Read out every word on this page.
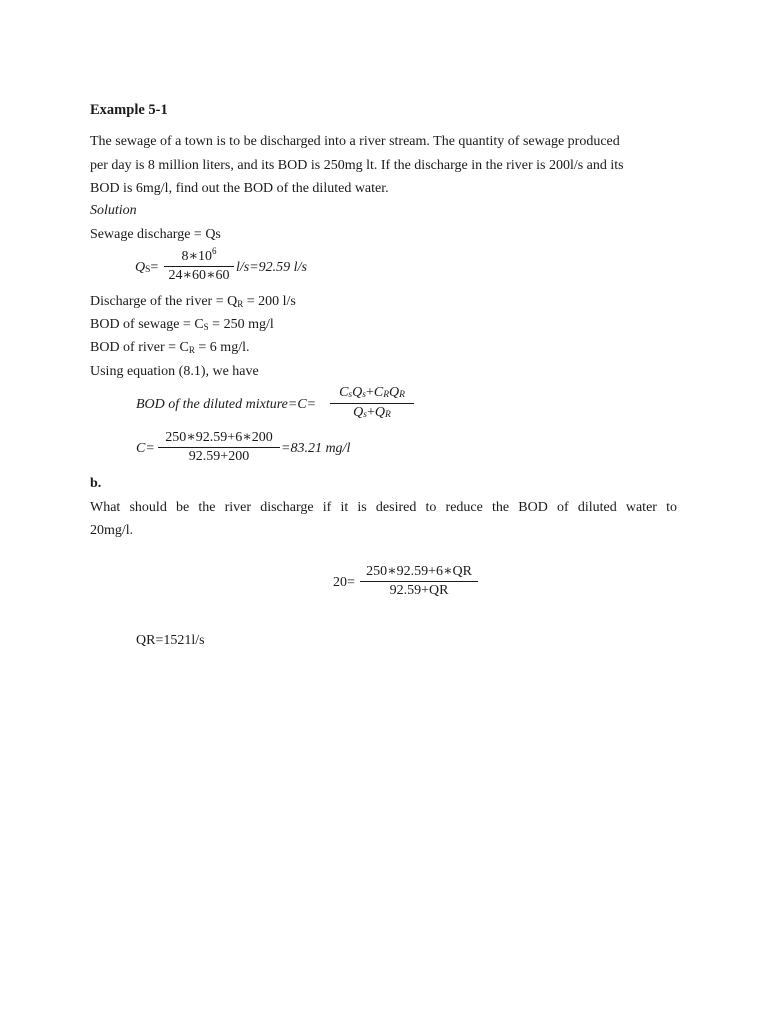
Example 5-1
The sewage of a town is to be discharged into a river stream. The quantity of sewage produced
per day is 8 million liters, and its BOD is 250mg lt. If the discharge in the river is 200l/s and its
BOD is 6mg/l, find out the BOD of the diluted water.
Solution
Sewage discharge = Qs
$Q_S=$
$8∗10^6$
24∗60∗60
l/s=92.59 l/s
Discharge of the river = $Q_R = 200$ l/s
BOD of sewage = $C_S = 250$ mg/l
BOD of river = $C_R = 6$ mg/l.
Using equation (8.1), we have
BOD of the diluted mixture=C=
$C_sQ_s+C_RQ_R$
$Q_s+Q_R$
C=
250∗92.59+6∗200
92.59+200
=83.21 mg/l
b.
What should be the river discharge if it is desired to reduce the BOD of diluted water to
20mg/l.
20=
250∗92.59+6∗QR
92.59+QR
QR=1521l/s
